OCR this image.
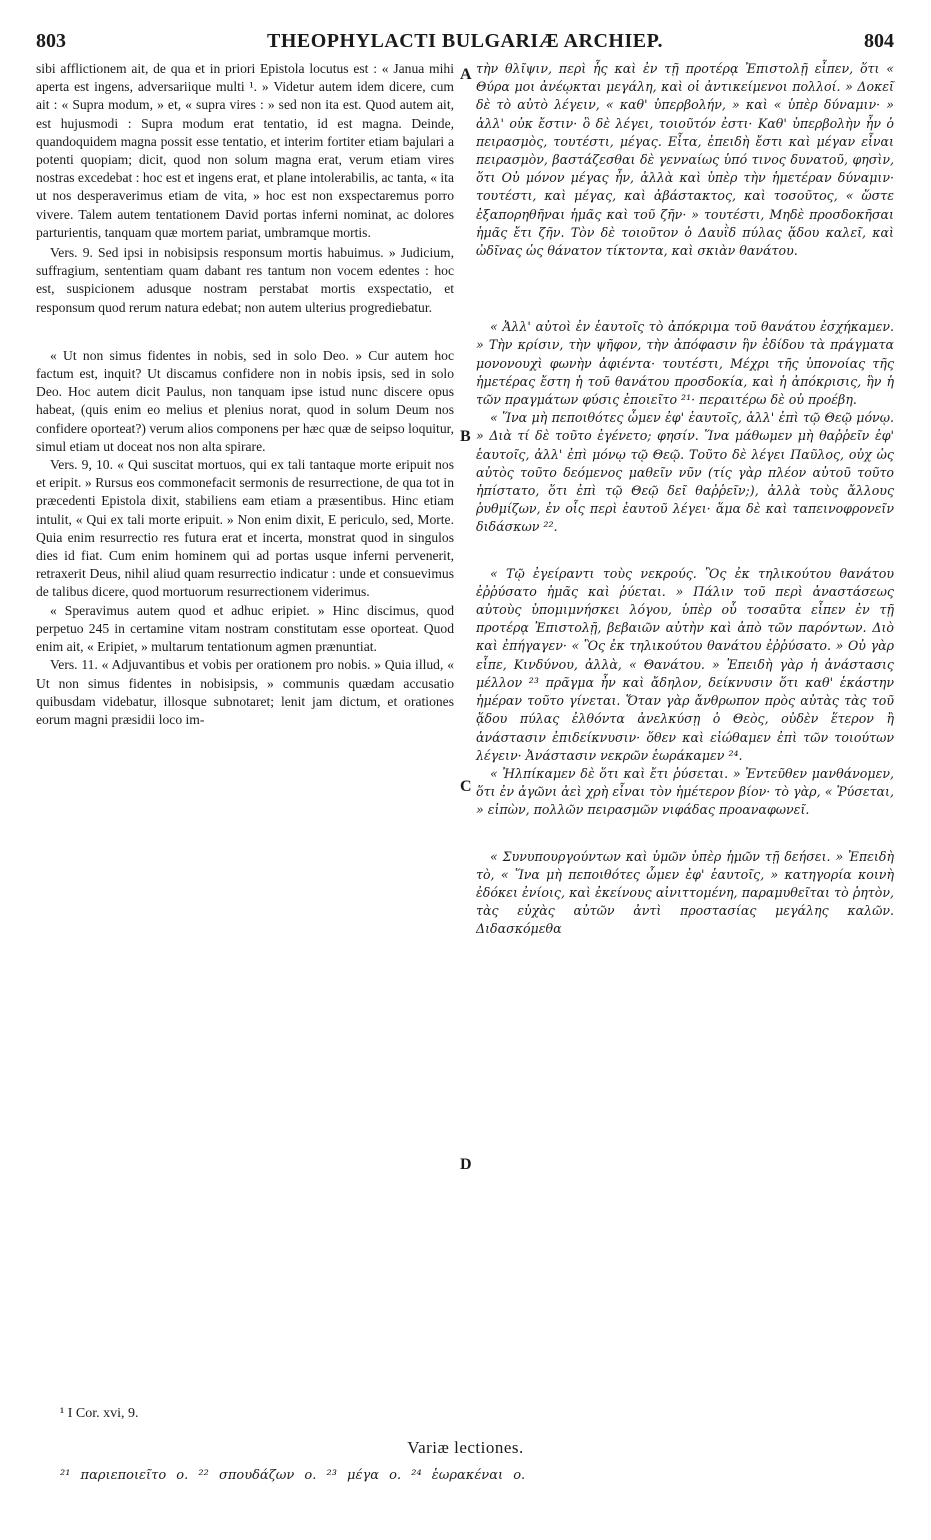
803	THEOPHYLACTI BULGARIÆ ARCHIEP.	804

sibi afflictionem ait, de qua et in priori Epistola locutus est : « Janua mihi aperta est ingens, adversariique multi ¹. » Videtur autem idem dicere, cum ait : « Supra modum, » et, « supra vires : » sed non ita est. Quod autem ait, est hujusmodi : Supra modum erat tentatio, id est magna. Deinde, quandoquidem magna possit esse tentatio, et interim fortiter etiam bajulari a potenti quopiam; dicit, quod non solum magna erat, verum etiam vires nostras excedebat : hoc est et ingens erat, et plane intolerabilis, ac tanta, « ita ut nos desperaverimus etiam de vita, » hoc est non exspectaremus porro vivere. Talem autem tentationem David portas inferni nominat, ac dolores parturientis, tanquam quæ mortem pariat, umbramque mortis.

Vers. 9. Sed ipsi in nobisipsis responsum mortis habuimus. » Judicium, suffragium, sententiam quam dabant res tantum non vocem edentes : hoc est, suspicionem adusque nostram perstabat mortis exspectatio, et responsum quod rerum natura edebat; non autem ulterius progrediebatur.

« Ut non simus fidentes in nobis, sed in solo Deo. » Cur autem hoc factum est, inquit? Ut discamus confidere non in nobis ipsis, sed in solo Deo. Hoc autem dicit Paulus, non tanquam ipse istud nunc discere opus habeat, (quis enim eo melius et plenius norat, quod in solum Deum nos confidere oporteat?) verum alios componens per hæc quæ de seipso loquitur, simul etiam ut doceat nos non alta spirare.

Vers. 9, 10. « Qui suscitat mortuos, qui ex tali tantaque morte eripuit nos et eripit. » Rursus eos commonefacit sermonis de resurrectione, de qua tot in præcedenti Epistola dixit, stabiliens eam etiam a præsentibus. Hinc etiam intulit, « Qui ex tali morte eripuit. » Non enim dixit, E periculo, sed, Morte. Quia enim resurrectio res futura erat et incerta, monstrat quod in singulos dies id fiat. Cum enim hominem qui ad portas usque inferni pervenerit, retraxerit Deus, nihil aliud quam resurrectio indicatur : unde et consuevimus de talibus dicere, quod mortuorum resurrectionem viderimus.

« Speravimus autem quod et adhuc eripiet. » Hinc discimus, quod perpetuo 245 in certamine vitam nostram constitutam esse oporteat. Quod enim ait, « Eripiet, » multarum tentationum agmen prænuntiat.

Vers. 11. « Adjuvantibus et vobis per orationem pro nobis. » Quia illud, « Ut non simus fidentes in nobisipsis, » communis quædam accusatio quibusdam videbatur, illosque subnotaret; lenit jam dictum, et orationes eorum magni præsidii loco im-

τὴν θλῖψιν, περὶ ἧς καὶ ἐν τῇ προτέρᾳ Ἐπιστολῇ εἶπεν, ὅτι « Θύρα μοι ἀνέῳκται μεγάλη, καὶ οἱ ἀντικείμενοι πολλοί. » Δοκεῖ δὲ τὸ αὐτὸ λέγειν, « καθ' ὑπερβολήν, » καὶ « ὑπὲρ δύναμιν· » ἀλλ' οὐκ ἔστιν· ὃ δὲ λέγει, τοιοῦτόν ἐστι· Καθ' ὑπερβολὴν ἦν ὁ πειρασμὸς, τουτέστι, μέγας. Εἶτα, ἐπειδὴ ἔστι καὶ μέγαν εἶναι πειρασμὸν, βαστάζεσθαι δὲ γενναίως ὑπό τινος δυνατοῦ, φησὶν, ὅτι Οὐ μόνον μέγας ἦν, ἀλλὰ καὶ ὑπὲρ τὴν ἡμετέραν δύναμιν· τουτέστι, καὶ μέγας, καὶ ἀβάστακτος, καὶ τοσοῦτος, « ὥστε ἐξαπορηθῆναι ἡμᾶς καὶ τοῦ ζῆν· » τουτέστι, Μηδὲ προσδοκῆσαι ἡμᾶς ἔτι ζῆν. Τὸν δὲ τοιοῦτον ὁ Δαυῒδ πύλας ᾅδου καλεῖ, καὶ ὠδῖνας ὡς θάνατον τίκτοντα, καὶ σκιὰν θανάτου.

« Ἀλλ' αὐτοὶ ἐν ἑαυτοῖς τὸ ἀπόκριμα τοῦ θανάτου ἐσχήκαμεν. » Τὴν κρίσιν, τὴν ψῆφον, τὴν ἀπόφασιν ἣν ἐδίδου τὰ πράγματα μονονουχὶ φωνὴν ἀφιέντα· τουτέστι, Μέχρι τῆς ὑπονοίας τῆς ἡμετέρας ἔστη ἡ τοῦ θανάτου προσδοκία, καὶ ἡ ἀπόκρισις, ἣν ἡ τῶν πραγμάτων φύσις ἐποιεῖτο ²¹· περαιτέρω δὲ οὐ προέβη.

« Ἵνα μὴ πεποιθότες ὦμεν ἐφ' ἑαυτοῖς, ἀλλ' ἐπὶ τῷ Θεῷ μόνῳ. » Διὰ τί δὲ τοῦτο ἐγένετο; φησίν. Ἵνα μάθωμεν μὴ θαῤῥεῖν ἐφ' ἑαυτοῖς, ἀλλ' ἐπὶ μόνῳ τῷ Θεῷ. Τοῦτο δὲ λέγει Παῦλος, οὐχ ὡς αὐτὸς τοῦτο δεόμενος μαθεῖν νῦν (τίς γὰρ πλέον αὐτοῦ τοῦτο ἠπίστατο, ὅτι ἐπὶ τῷ Θεῷ δεῖ θαῤῥεῖν;), ἀλλὰ τοὺς ἄλλους ῥυθμίζων, ἐν οἷς περὶ ἑαυτοῦ λέγει· ἅμα δὲ καὶ ταπεινοφρονεῖν διδάσκων ²².

« Τῷ ἐγείραντι τοὺς νεκρούς. Ὃς ἐκ τηλικούτου θανάτου ἐῤῥύσατο ἡμᾶς καὶ ῥύεται. » Πάλιν τοῦ περὶ ἀναστάσεως αὐτοὺς ὑπομιμνήσκει λόγου, ὑπὲρ οὗ τοσαῦτα εἶπεν ἐν τῇ προτέρᾳ Ἐπιστολῇ, βεβαιῶν αὐτὴν καὶ ἀπὸ τῶν παρόντων. Διὸ καὶ ἐπήγαγεν· « Ὃς ἐκ τηλικούτου θανάτου ἐῤῥύσατο. » Οὐ γὰρ εἶπε, Κινδύνου, ἀλλὰ, « Θανάτου. » Ἐπειδὴ γὰρ ἡ ἀνάστασις μέλλον ²³ πρᾶγμα ἦν καὶ ἄδηλον, δείκνυσιν ὅτι καθ' ἑκάστην ἡμέραν τοῦτο γίνεται. Ὅταν γὰρ ἄνθρωπον πρὸς αὐτὰς τὰς τοῦ ᾅδου πύλας ἐλθόντα ἀνελκύσῃ ὁ Θεὸς, οὐδὲν ἕτερον ἢ ἀνάστασιν ἐπιδείκνυσιν· ὅθεν καὶ εἰώθαμεν ἐπὶ τῶν τοιούτων λέγειν· Ἀνάστασιν νεκρῶν ἑωράκαμεν ²⁴.

« Ἠλπίκαμεν δὲ ὅτι καὶ ἔτι ῥύσεται. » Ἐντεῦθεν μανθάνομεν, ὅτι ἐν ἀγῶνι ἀεὶ χρὴ εἶναι τὸν ἡμέτερον βίον· τὸ γὰρ, « Ῥύσεται, » εἰπὼν, πολλῶν πειρασμῶν νιφάδας προαναφωνεῖ.

« Συνυπουργούντων καὶ ὑμῶν ὑπὲρ ἡμῶν τῇ δεήσει. » Ἐπειδὴ τὸ, « Ἵνα μὴ πεποιθότες ὦμεν ἐφ' ἑαυτοῖς, » κατηγορία κοινὴ ἐδόκει ἐνίοις, καὶ ἐκείνους αἰνιττομένη, παραμυθεῖται τὸ ῥητὸν, τὰς εὐχὰς αὐτῶν ἀντὶ προστασίας μεγάλης καλῶν. Διδασκόμεθα

A
B
C
D
¹ I Cor. xvi, 9.
Variæ lectiones.
²¹ παριεποιεῖτο ο. ²² σπουδάζων ο. ²³ μέγα ο. ²⁴ ἑωρακέναι ο.
